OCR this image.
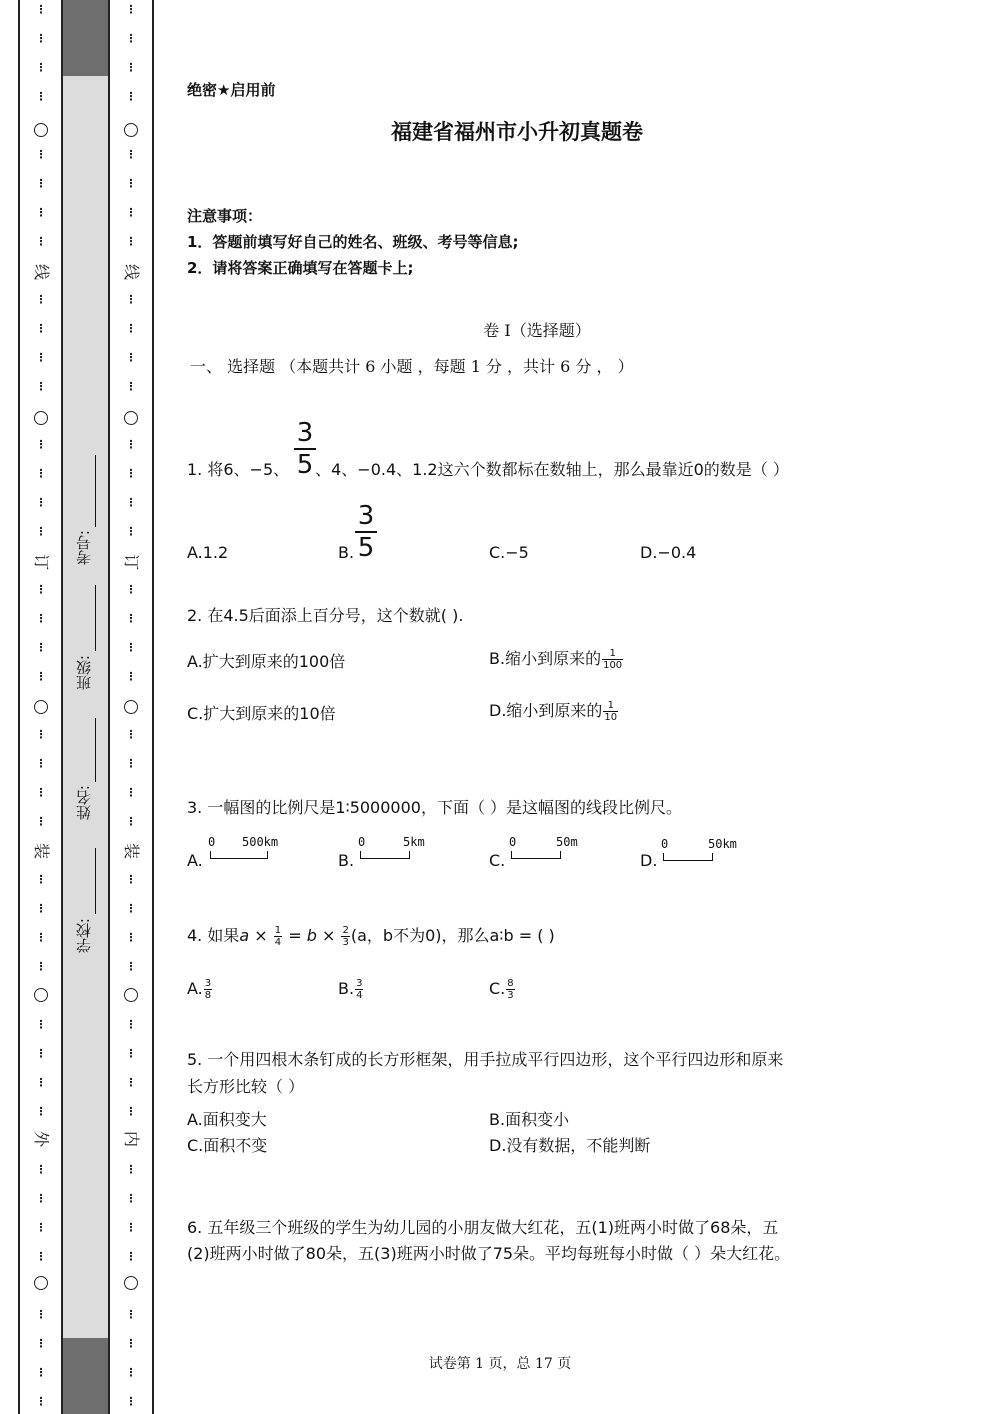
⋮
⋮
⋮
⋮
⋮
⋮
⋮
⋮
⋮
⋮
⋮
⋮
⋮
⋮
⋮
⋮
⋮
⋮
⋮
⋮
⋮
⋮
⋮
⋮
⋮
⋮
⋮
⋮
⋮
⋮
⋮
⋮
⋮
⋮
⋮
⋮
⋮
⋮
⋮
⋮
线
订
装
外
⋮
⋮
⋮
⋮
⋮
⋮
⋮
⋮
⋮
⋮
⋮
⋮
⋮
⋮
⋮
⋮
⋮
⋮
⋮
⋮
⋮
⋮
⋮
⋮
⋮
⋮
⋮
⋮
⋮
⋮
⋮
⋮
⋮
⋮
⋮
⋮
⋮
⋮
⋮
⋮
线
订
装
内
考号:
班级:
姓名:
学校:
绝密★启用前
福建省福州市小升初真题卷
注意事项：
1．答题前填写好自己的姓名、班级、考号等信息;
2．请将答案正确填写在答题卡上;
卷 I（选择题）
一、 选择题 （本题共计 6 小题 ，每题 1 分 ，共计 6 分 ， ）
1. 将6、−5、 、4、−0.4、1.2这六个数都标在数轴上，那么最靠近0的数是（ ）
3
5
A.1.2	B.
3
5	C.−5	D.−0.4
2. 在4.5后面添上百分号，这个数就( ).
A.扩大到原来的100倍	B.缩小到原来的 $\frac{1}{100}$
C.扩大到原来的10倍	D.缩小到原来的 $\frac{1}{10}$
3. 一幅图的比例尺是1∶5000000，下面（ ）是这幅图的线段比例尺。
A.
0 500km
B.
0	5km
C.
0	50m
D.
0	50km
4. 如果$a \times \frac{1}{4} = b \times \frac{2}{3} (a$，b不为0)，那么a∶b = ( )
A. $\frac{3}{8}$	B. $\frac{3}{4}$	C. $\frac{8}{3}$
5. 一个用四根木条钉成的长方形框架，用手拉成平行四边形，这个平行四边形和原来
长方形比较（ ）
A.面积变大	B.面积变小
C.面积不变	D.没有数据，不能判断
6. 五年级三个班级的学生为幼儿园的小朋友做大红花，五(1)班两小时做了68朵，五
(2)班两小时做了80朵，五(3)班两小时做了75朵。平均每班每小时做（ ）朵大红花。
试卷第 1 页，总 17 页
